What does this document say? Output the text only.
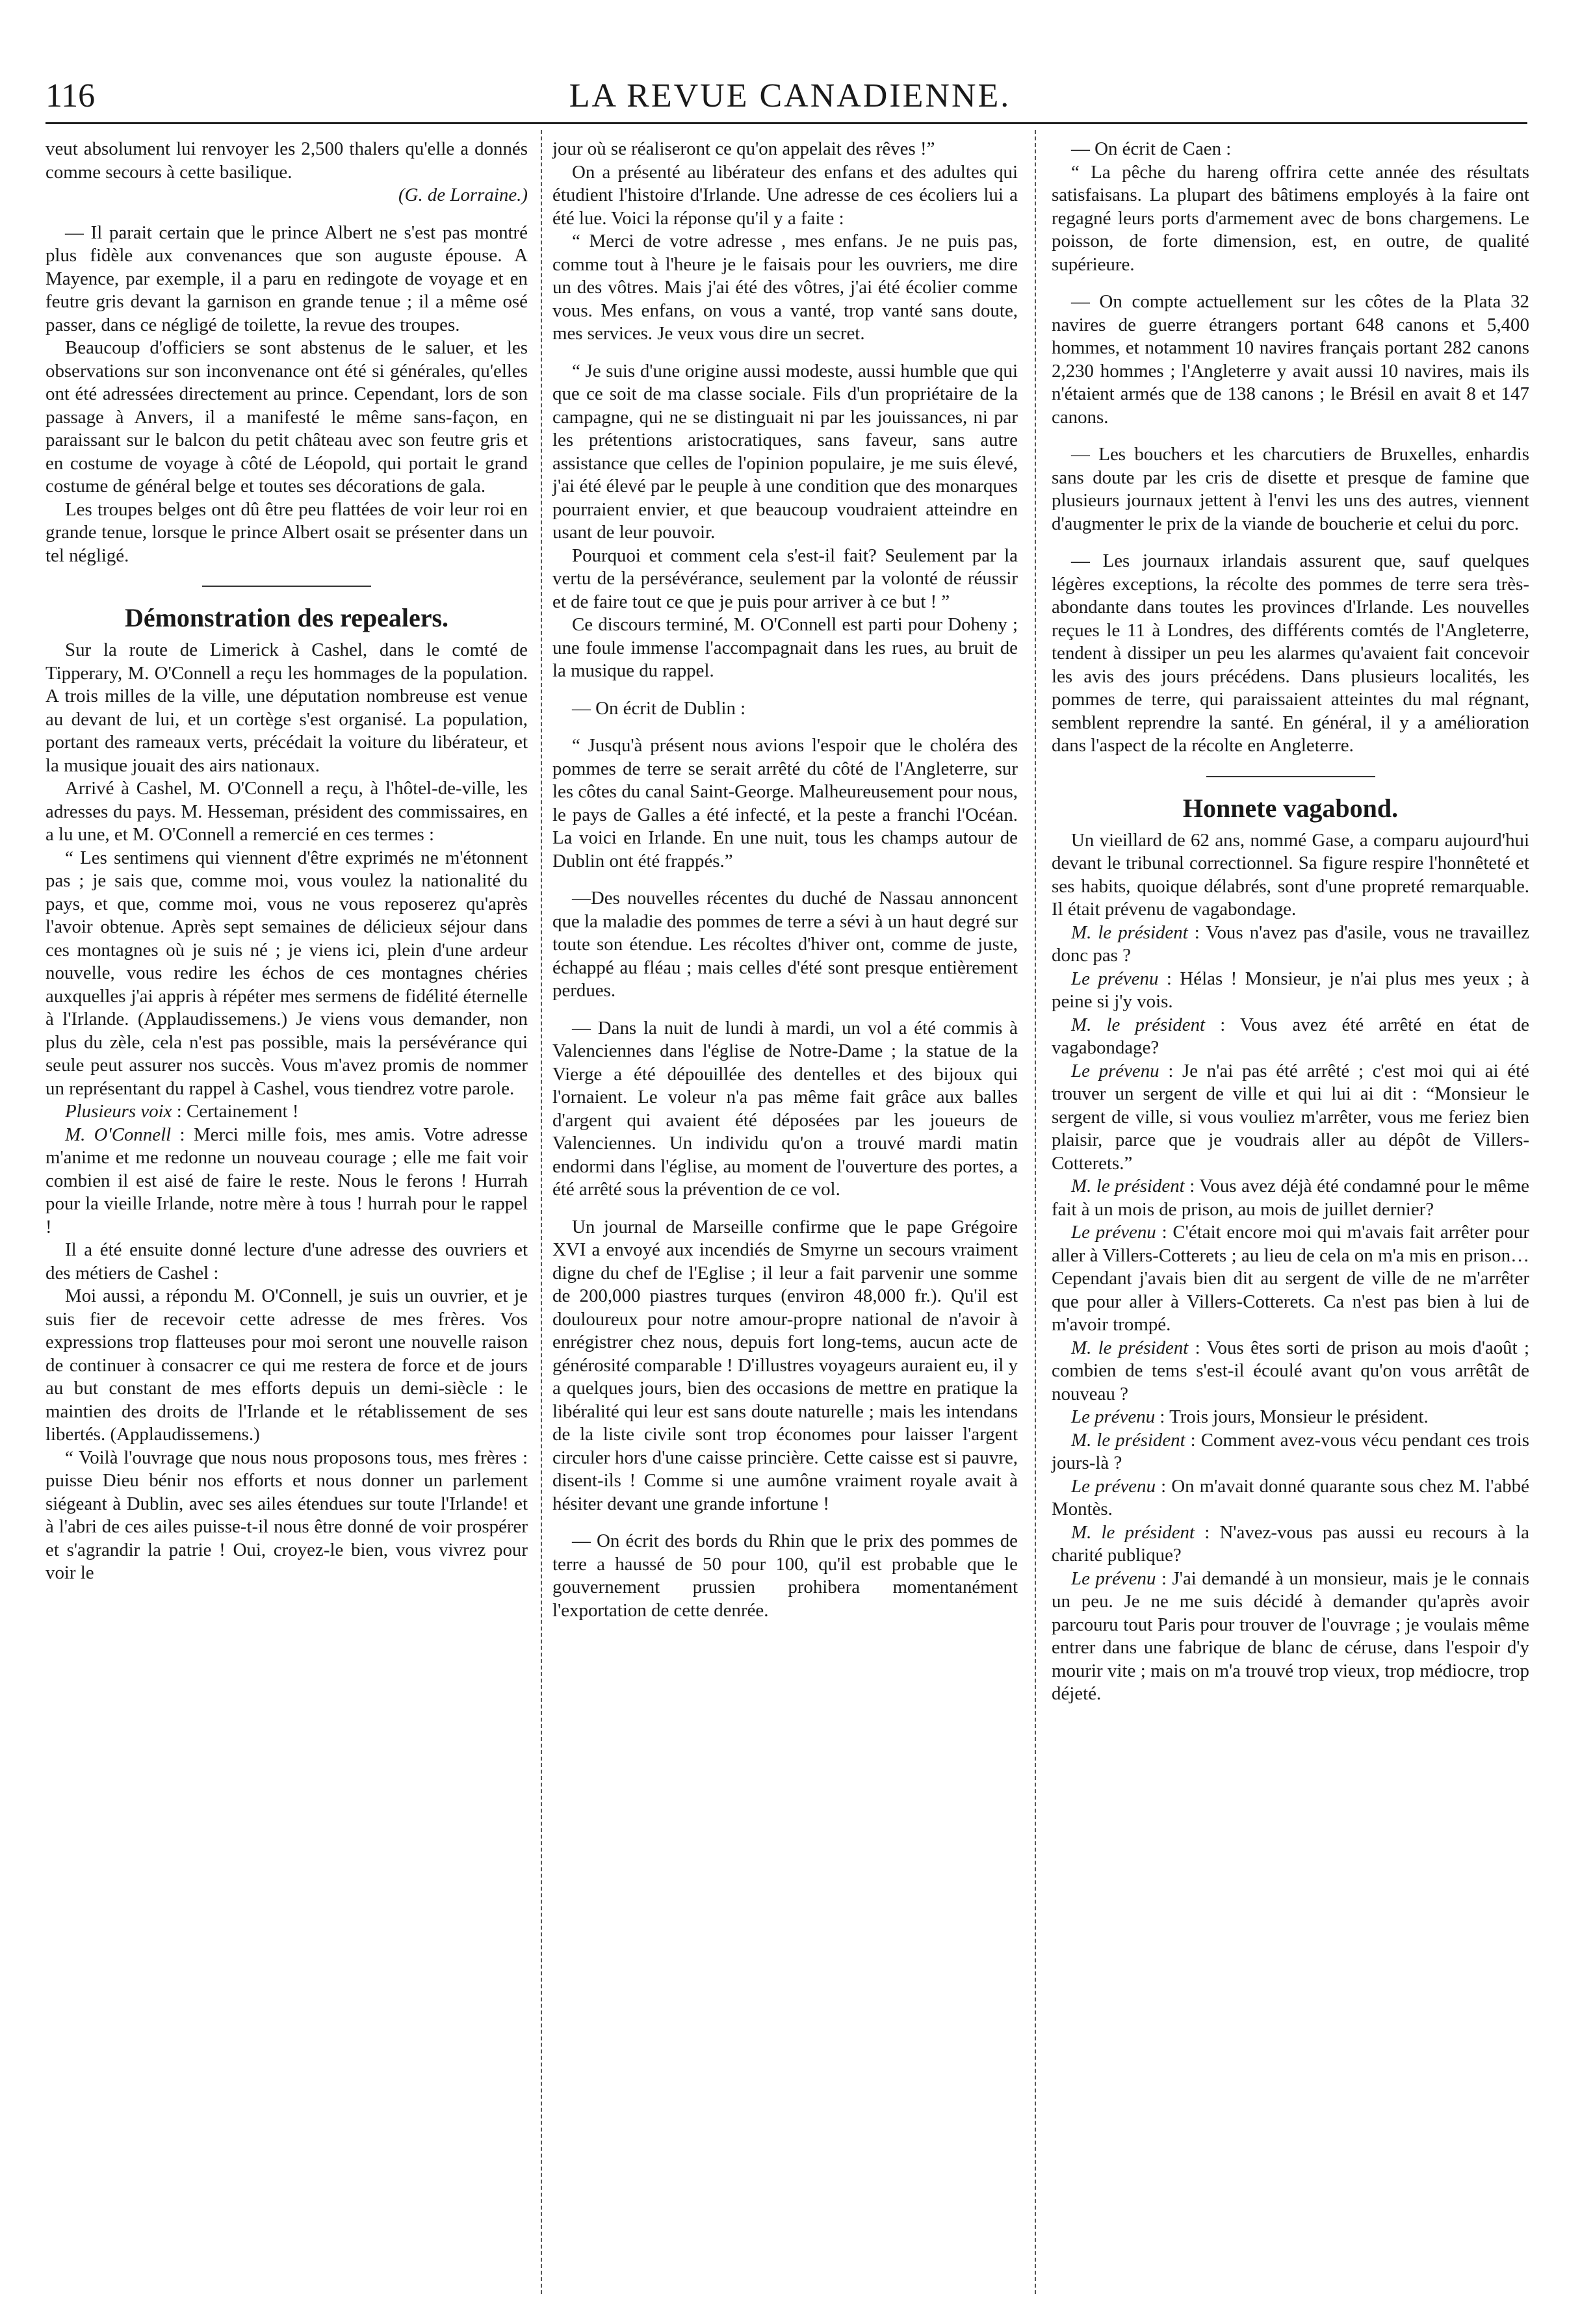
116	LA REVUE CANADIENNE.

veut absolument lui renvoyer les 2,500 thalers qu'elle a donnés comme secours à cette basilique.

(G. de Lorraine.)

— Il parait certain que le prince Albert ne s'est pas montré plus fidèle aux convenances que son auguste épouse. A Mayence, par exemple, il a paru en redingote de voyage et en feutre gris devant la garnison en grande tenue ; il a même osé passer, dans ce négligé de toilette, la revue des troupes.

Beaucoup d'officiers se sont abstenus de le saluer, et les observations sur son inconvenance ont été si générales, qu'elles ont été adressées directement au prince. Cependant, lors de son passage à Anvers, il a manifesté le même sans-façon, en paraissant sur le balcon du petit château avec son feutre gris et en costume de voyage à côté de Léopold, qui portait le grand costume de général belge et toutes ses décorations de gala.

Les troupes belges ont dû être peu flattées de voir leur roi en grande tenue, lorsque le prince Albert osait se présenter dans un tel négligé.

Démonstration des repealers.

Sur la route de Limerick à Cashel, dans le comté de Tipperary, M. O'Connell a reçu les hommages de la population. A trois milles de la ville, une députation nombreuse est venue au devant de lui, et un cortège s'est organisé. La population, portant des rameaux verts, précédait la voiture du libérateur, et la musique jouait des airs nationaux.

Arrivé à Cashel, M. O'Connell a reçu, à l'hôtel-de-ville, les adresses du pays. M. Hesseman, président des commissaires, en a lu une, et M. O'Connell a remercié en ces termes :

“ Les sentimens qui viennent d'être exprimés ne m'étonnent pas ; je sais que, comme moi, vous voulez la nationalité du pays, et que, comme moi, vous ne vous reposerez qu'après l'avoir obtenue. Après sept semaines de délicieux séjour dans ces montagnes où je suis né ; je viens ici, plein d'une ardeur nouvelle, vous redire les échos de ces montagnes chéries auxquelles j'ai appris à répéter mes sermens de fidélité éternelle à l'Irlande. (Applaudissemens.) Je viens vous demander, non plus du zèle, cela n'est pas possible, mais la persévérance qui seule peut assurer nos succès. Vous m'avez promis de nommer un représentant du rappel à Cashel, vous tiendrez votre parole.

Plusieurs voix : Certainement !

M. O'Connell : Merci mille fois, mes amis. Votre adresse m'anime et me redonne un nouveau courage ; elle me fait voir combien il est aisé de faire le reste. Nous le ferons ! Hurrah pour la vieille Irlande, notre mère à tous ! hurrah pour le rappel !

Il a été ensuite donné lecture d'une adresse des ouvriers et des métiers de Cashel :

Moi aussi, a répondu M. O'Connell, je suis un ouvrier, et je suis fier de recevoir cette adresse de mes frères. Vos expressions trop flatteuses pour moi seront une nouvelle raison de continuer à consacrer ce qui me restera de force et de jours au but constant de mes efforts depuis un demi-siècle : le maintien des droits de l'Irlande et le rétablissement de ses libertés. (Applaudissemens.)

“ Voilà l'ouvrage que nous nous proposons tous, mes frères : puisse Dieu bénir nos efforts et nous donner un parlement siégeant à Dublin, avec ses ailes étendues sur toute l'Irlande! et à l'abri de ces ailes puisse-t-il nous être donné de voir prospérer et s'agrandir la patrie ! Oui, croyez-le bien, vous vivrez pour voir le

jour où se réaliseront ce qu'on appelait des rêves !”

On a présenté au libérateur des enfans et des adultes qui étudient l'histoire d'Irlande. Une adresse de ces écoliers lui a été lue. Voici la réponse qu'il y a faite :

“ Merci de votre adresse , mes enfans. Je ne puis pas, comme tout à l'heure je le faisais pour les ouvriers, me dire un des vôtres. Mais j'ai été des vôtres, j'ai été écolier comme vous. Mes enfans, on vous a vanté, trop vanté sans doute, mes services. Je veux vous dire un secret.

“ Je suis d'une origine aussi modeste, aussi humble que qui que ce soit de ma classe sociale. Fils d'un propriétaire de la campagne, qui ne se distinguait ni par les jouissances, ni par les prétentions aristocratiques, sans faveur, sans autre assistance que celles de l'opinion populaire, je me suis élevé, j'ai été élevé par le peuple à une condition que des monarques pourraient envier, et que beaucoup voudraient atteindre en usant de leur pouvoir.

Pourquoi et comment cela s'est-il fait? Seulement par la vertu de la persévérance, seulement par la volonté de réussir et de faire tout ce que je puis pour arriver à ce but ! ”

Ce discours terminé, M. O'Connell est parti pour Doheny ; une foule immense l'accompagnait dans les rues, au bruit de la musique du rappel.

— On écrit de Dublin :

“ Jusqu'à présent nous avions l'espoir que le choléra des pommes de terre se serait arrêté du côté de l'Angleterre, sur les côtes du canal Saint-George. Malheureusement pour nous, le pays de Galles a été infecté, et la peste a franchi l'Océan. La voici en Irlande. En une nuit, tous les champs autour de Dublin ont été frappés.”

—Des nouvelles récentes du duché de Nassau annoncent que la maladie des pommes de terre a sévi à un haut degré sur toute son étendue. Les récoltes d'hiver ont, comme de juste, échappé au fléau ; mais celles d'été sont presque entièrement perdues.

— Dans la nuit de lundi à mardi, un vol a été commis à Valenciennes dans l'église de Notre-Dame ; la statue de la Vierge a été dépouillée des dentelles et des bijoux qui l'ornaient. Le voleur n'a pas même fait grâce aux balles d'argent qui avaient été déposées par les joueurs de Valenciennes. Un individu qu'on a trouvé mardi matin endormi dans l'église, au moment de l'ouverture des portes, a été arrêté sous la prévention de ce vol.

Un journal de Marseille confirme que le pape Grégoire XVI a envoyé aux incendiés de Smyrne un secours vraiment digne du chef de l'Eglise ; il leur a fait parvenir une somme de 200,000 piastres turques (environ 48,000 fr.). Qu'il est douloureux pour notre amour-propre national de n'avoir à enrégistrer chez nous, depuis fort long-tems, aucun acte de générosité comparable ! D'illustres voyageurs auraient eu, il y a quelques jours, bien des occasions de mettre en pratique la libéralité qui leur est sans doute naturelle ; mais les intendans de la liste civile sont trop économes pour laisser l'argent circuler hors d'une caisse princière. Cette caisse est si pauvre, disent-ils ! Comme si une aumône vraiment royale avait à hésiter devant une grande infortune !

— On écrit des bords du Rhin que le prix des pommes de terre a haussé de 50 pour 100, qu'il est probable que le gouvernement prussien prohibera momentanément l'exportation de cette denrée.

— On écrit de Caen :

“ La pêche du hareng offrira cette année des résultats satisfaisans. La plupart des bâtimens employés à la faire ont regagné leurs ports d'armement avec de bons chargemens. Le poisson, de forte dimension, est, en outre, de qualité supérieure.

— On compte actuellement sur les côtes de la Plata 32 navires de guerre étrangers portant 648 canons et 5,400 hommes, et notamment 10 navires français portant 282 canons 2,230 hommes ; l'Angleterre y avait aussi 10 navires, mais ils n'étaient armés que de 138 canons ; le Brésil en avait 8 et 147 canons.

— Les bouchers et les charcutiers de Bruxelles, enhardis sans doute par les cris de disette et presque de famine que plusieurs journaux jettent à l'envi les uns des autres, viennent d'augmenter le prix de la viande de boucherie et celui du porc.

— Les journaux irlandais assurent que, sauf quelques légères exceptions, la récolte des pommes de terre sera très-abondante dans toutes les provinces d'Irlande. Les nouvelles reçues le 11 à Londres, des différents comtés de l'Angleterre, tendent à dissiper un peu les alarmes qu'avaient fait concevoir les avis des jours précédens. Dans plusieurs localités, les pommes de terre, qui paraissaient atteintes du mal régnant, semblent reprendre la santé. En général, il y a amélioration dans l'aspect de la récolte en Angleterre.

Honnete vagabond.

Un vieillard de 62 ans, nommé Gase, a comparu aujourd'hui devant le tribunal correctionnel. Sa figure respire l'honnêteté et ses habits, quoique délabrés, sont d'une propreté remarquable. Il était prévenu de vagabondage.

M. le président : Vous n'avez pas d'asile, vous ne travaillez donc pas ?

Le prévenu : Hélas ! Monsieur, je n'ai plus mes yeux ; à peine si j'y vois.

M. le président : Vous avez été arrêté en état de vagabondage?

Le prévenu : Je n'ai pas été arrêté ; c'est moi qui ai été trouver un sergent de ville et qui lui ai dit : “Monsieur le sergent de ville, si vous vouliez m'arrêter, vous me feriez bien plaisir, parce que je voudrais aller au dépôt de Villers-Cotterets.”

M. le président : Vous avez déjà été condamné pour le même fait à un mois de prison, au mois de juillet dernier?

Le prévenu : C'était encore moi qui m'avais fait arrêter pour aller à Villers-Cotterets ; au lieu de cela on m'a mis en prison…Cependant j'avais bien dit au sergent de ville de ne m'arrêter que pour aller à Villers-Cotterets. Ca n'est pas bien à lui de m'avoir trompé.

M. le président : Vous êtes sorti de prison au mois d'août ; combien de tems s'est-il écoulé avant qu'on vous arrêtât de nouveau ?

Le prévenu : Trois jours, Monsieur le président.

M. le président : Comment avez-vous vécu pendant ces trois jours-là ?

Le prévenu : On m'avait donné quarante sous chez M. l'abbé Montès.

M. le président : N'avez-vous pas aussi eu recours à la charité publique?

Le prévenu : J'ai demandé à un monsieur, mais je le connais un peu. Je ne me suis décidé à demander qu'après avoir parcouru tout Paris pour trouver de l'ouvrage ; je voulais même entrer dans une fabrique de blanc de céruse, dans l'espoir d'y mourir vite ; mais on m'a trouvé trop vieux, trop médiocre, trop déjeté.
